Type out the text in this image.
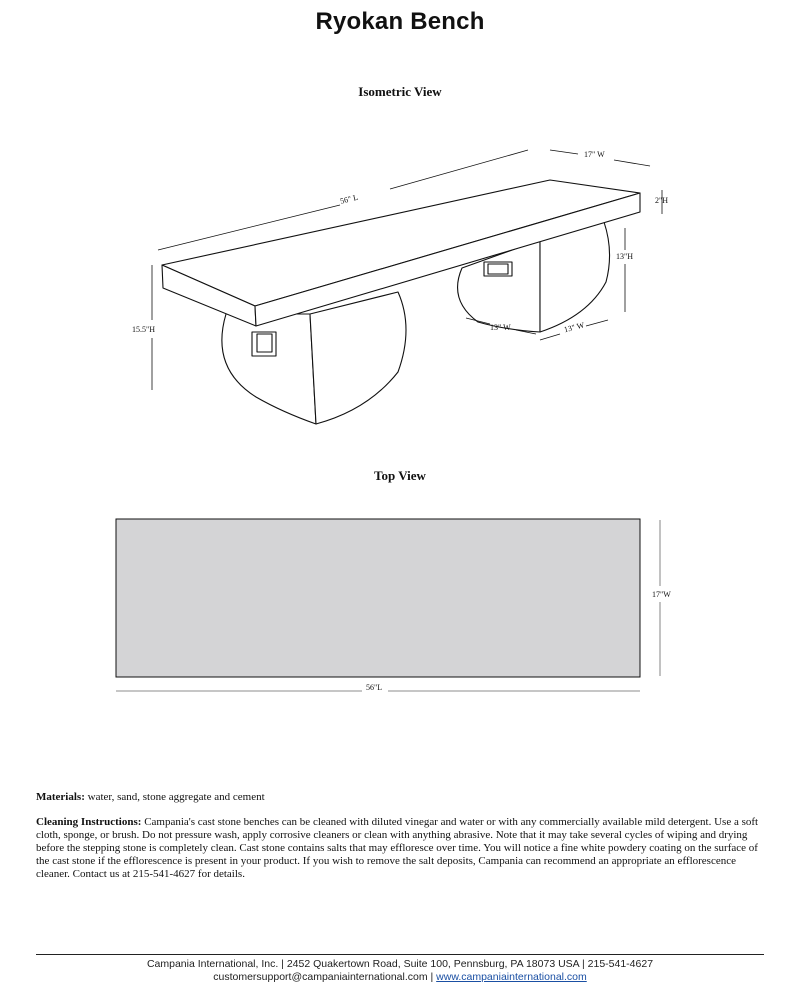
Ryokan Bench
Isometric View
56" L
17" W
2"H
13"H
15.5"H	13" W	13" W
17"W
56"L
Top View
Materials: water, sand, stone aggregate and cement
Cleaning Instructions: Campania's cast stone benches can be cleaned with diluted vinegar and water or with any commercially available mild detergent. Use a soft cloth, sponge, or brush. Do not pressure wash, apply corrosive cleaners or clean with anything abrasive. Note that it may take several cycles of wiping and drying before the stepping stone is completely clean. Cast stone contains salts that may effloresce over time. You will notice a fine white powdery coating on the surface of the cast stone if the efflorescence is present in your product. If you wish to remove the salt deposits, Campania can recommend an appropriate an efflorescence cleaner. Contact us at 215-541-4627 for details.
Campania International, Inc. | 2452 Quakertown Road, Suite 100, Pennsburg, PA 18073 USA | 215-541-4627
customersupport@campaniainternational.com | www.campaniainternational.com
